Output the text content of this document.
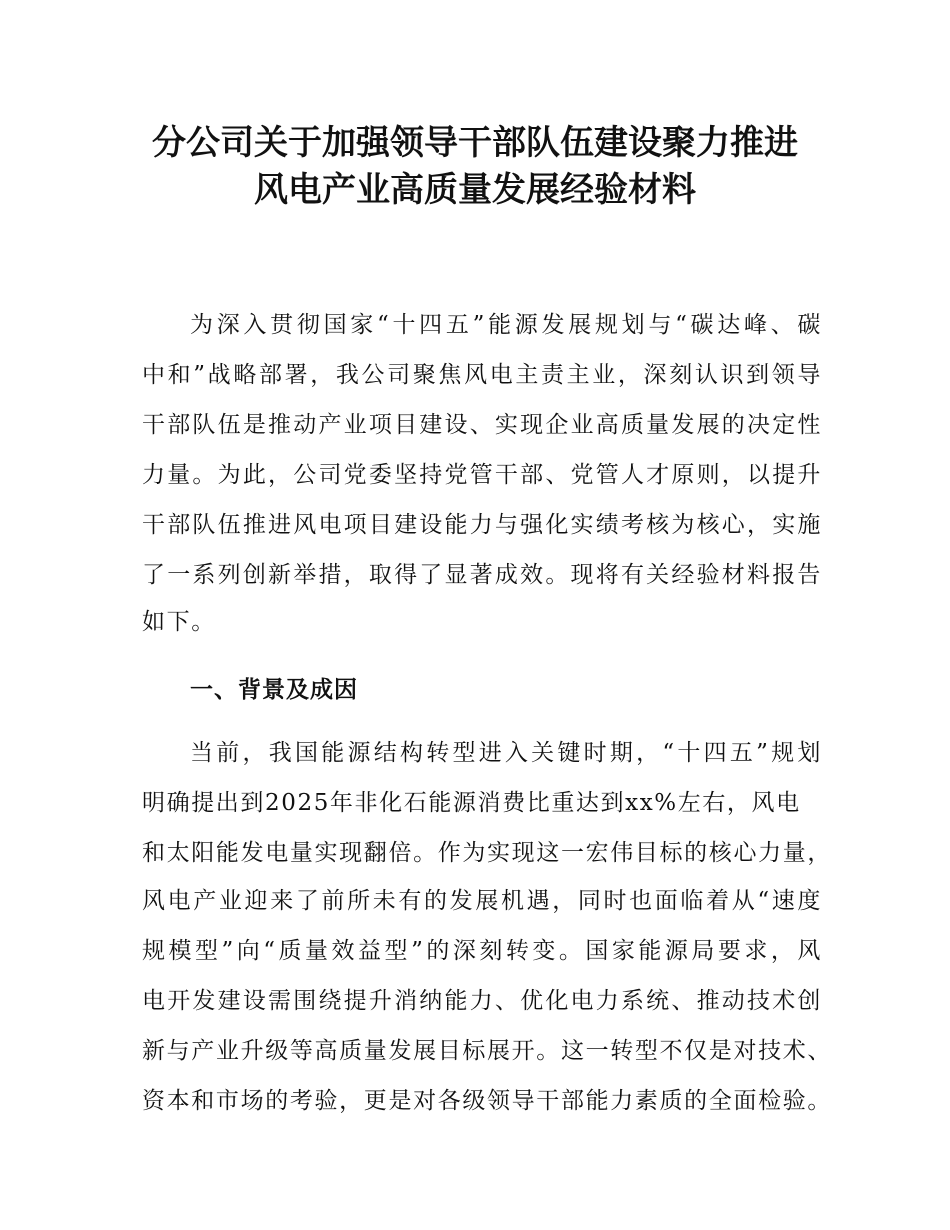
分公司关于加强领导干部队伍建设聚力推进
风电产业高质量发展经验材料
为深入贯彻国家“十四五”能源发展规划与“碳达峰、碳
中和”战略部署，我公司聚焦风电主责主业，深刻认识到领导
干部队伍是推动产业项目建设、实现企业高质量发展的决定性
力量。为此，公司党委坚持党管干部、党管人才原则，以提升
干部队伍推进风电项目建设能力与强化实绩考核为核心，实施
了一系列创新举措，取得了显著成效。现将有关经验材料报告
如下。
一、背景及成因
当前，我国能源结构转型进入关键时期，“十四五”规划
明确提出到2025年非化石能源消费比重达到xx%左右，风电
和太阳能发电量实现翻倍。作为实现这一宏伟目标的核心力量，
风电产业迎来了前所未有的发展机遇，同时也面临着从“速度
规模型”向“质量效益型”的深刻转变。国家能源局要求，风
电开发建设需围绕提升消纳能力、优化电力系统、推动技术创
新与产业升级等高质量发展目标展开。这一转型不仅是对技术、
资本和市场的考验，更是对各级领导干部能力素质的全面检验。
